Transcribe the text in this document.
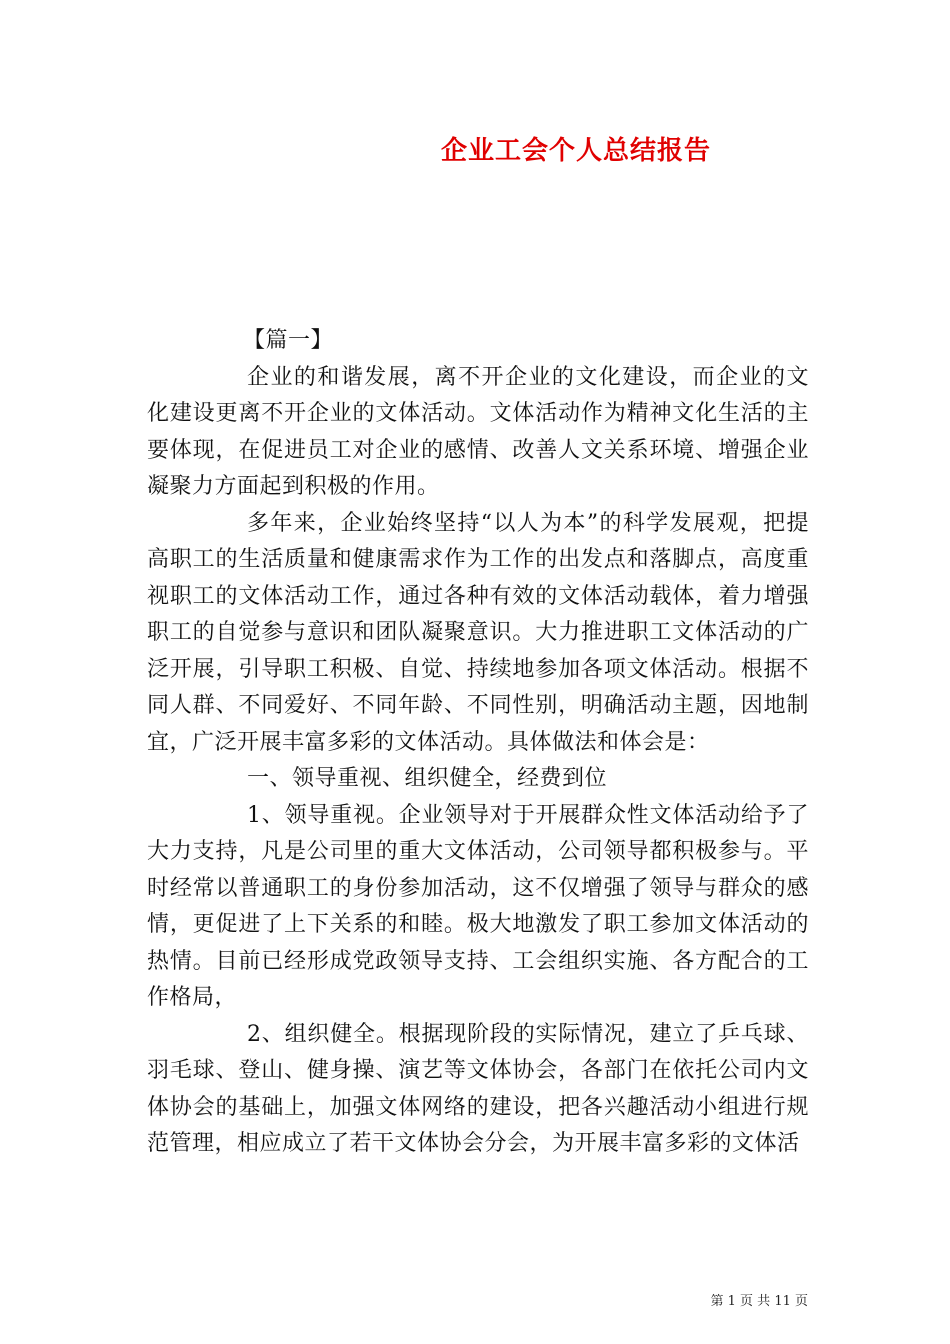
企业工会个人总结报告

【篇一】

企业的和谐发展，离不开企业的文化建设，而企业的文化建设更离不开企业的文体活动。文体活动作为精神文化生活的主要体现，在促进员工对企业的感情、改善人文关系环境、增强企业凝聚力方面起到积极的作用。

多年来，企业始终坚持“以人为本”的科学发展观，把提高职工的生活质量和健康需求作为工作的出发点和落脚点，高度重视职工的文体活动工作，通过各种有效的文体活动载体，着力增强职工的自觉参与意识和团队凝聚意识。大力推进职工文体活动的广泛开展，引导职工积极、自觉、持续地参加各项文体活动。根据不同人群、不同爱好、不同年龄、不同性别，明确活动主题，因地制宜，广泛开展丰富多彩的文体活动。具体做法和体会是：

一、领导重视、组织健全，经费到位

1、领导重视。企业领导对于开展群众性文体活动给予了大力支持，凡是公司里的重大文体活动，公司领导都积极参与。平时经常以普通职工的身份参加活动，这不仅增强了领导与群众的感情，更促进了上下关系的和睦。极大地激发了职工参加文体活动的热情。目前已经形成党政领导支持、工会组织实施、各方配合的工作格局，

2、组织健全。根据现阶段的实际情况，建立了乒乓球、羽毛球、登山、健身操、演艺等文体协会，各部门在依托公司内文体协会的基础上，加强文体网络的建设，把各兴趣活动小组进行规范管理，相应成立了若干文体协会分会，为开展丰富多彩的文体活

第 1 页 共 11 页
